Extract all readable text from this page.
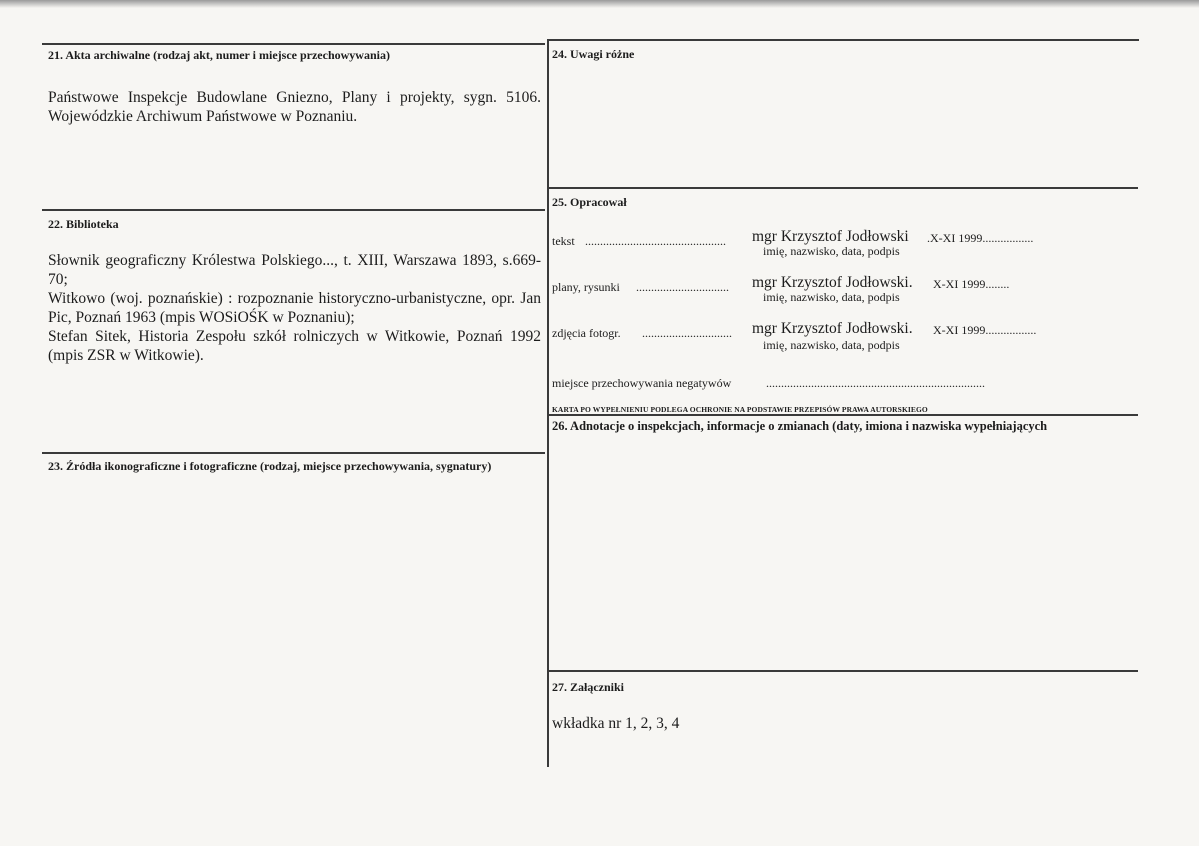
21. Akta archiwalne (rodzaj akt, numer i miejsce przechowywania)
Państwowe Inspekcje Budowlane Gniezno, Plany i projekty, sygn. 5106. Wojewódzkie Archiwum Państwowe w Poznaniu.
22. Biblioteka
Słownik geograficzny Królestwa Polskiego..., t. XIII, Warszawa 1893, s.669-70;
Witkowo (woj. poznańskie) : rozpoznanie historyczno-urbanistyczne, opr. Jan Pic, Poznań 1963 (mpis WOSiOŚK w Poznaniu);
Stefan Sitek, Historia Zespołu szkół rolniczych w Witkowie, Poznań 1992 (mpis ZSR w Witkowie).
23. Źródła ikonograficzne i fotograficzne (rodzaj, miejsce przechowywania, sygnatury)
24. Uwagi różne
25. Opracował
tekst ...............................................	mgr Krzysztof Jodłowski .X-XI 1999.................
imię, nazwisko, data, podpis
plany, rysunki ...............................	mgr Krzysztof Jodłowski. X-XI 1999........
imię, nazwisko, data, podpis
zdjęcia fotogr. ..............................	mgr Krzysztof Jodłowski. X-XI 1999.................
imię, nazwisko, data, podpis
miejsce przechowywania negatywów	.........................................................................
KARTA PO WYPEŁNIENIU PODLEGA OCHRONIE NA PODSTAWIE PRZEPISÓW PRAWA AUTORSKIEGO
26. Adnotacje o inspekcjach, informacje o zmianach (daty, imiona i nazwiska wypełniających
27. Załączniki
wkładka nr 1, 2, 3, 4
